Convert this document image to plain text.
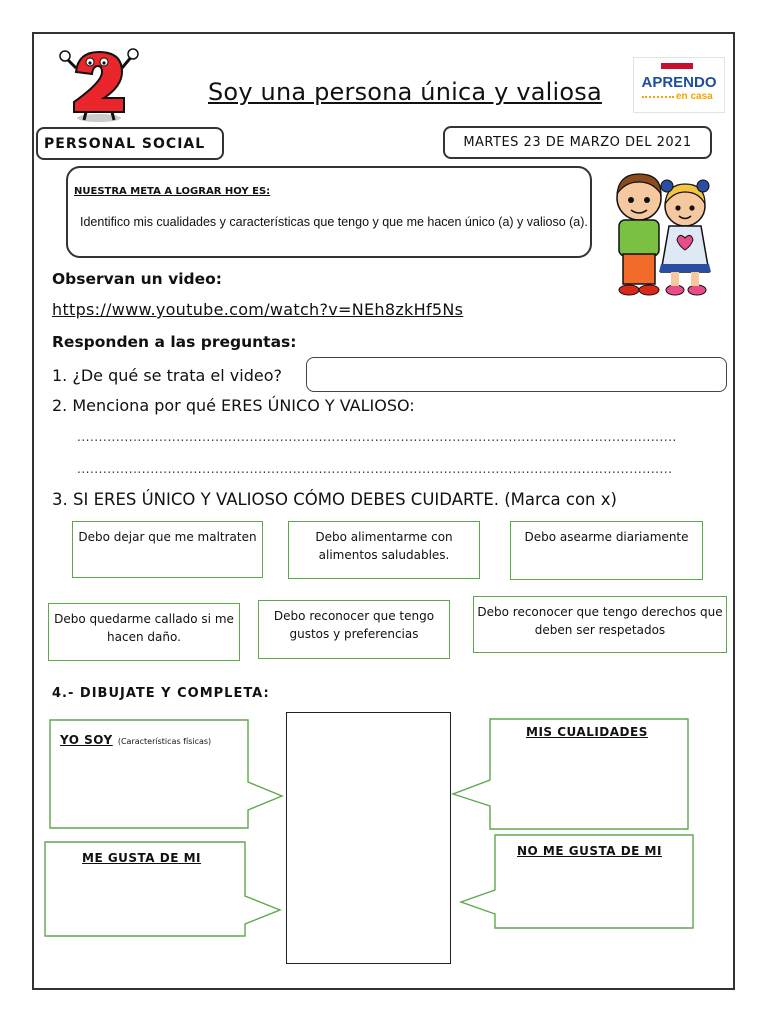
Soy una persona única y valiosa	APRENDO
en casa
PERSONAL SOCIAL	MARTES 23 DE MARZO DEL 2021
NUESTRA META A LOGRAR HOY ES:
Identifico mis cualidades y características que tengo y que me hacen único (a) y valioso (a).
Observan un video:
https://www.youtube.com/watch?v=NEh8zkHf5Ns
Responden a las preguntas:
1. ¿De qué se trata el video?
2. Menciona por qué ERES ÚNICO Y VALIOSO:
...........................................................................................................................................
..........................................................................................................................................
3. SI ERES ÚNICO Y VALIOSO CÓMO DEBES CUIDARTE. (Marca con x)
Debo dejar que me maltraten	Debo alimentarme con alimentos saludables.
Debo asearme diariamente
Debo quedarme callado si me hacen daño.
Debo reconocer que tengo gustos y preferencias
Debo reconocer que tengo derechos que deben ser respetados
4.- DIBUJATE Y COMPLETA:
YO SOY (Características físicas)
MIS CUALIDADES
ME GUSTA DE MI	NO ME GUSTA DE MI
